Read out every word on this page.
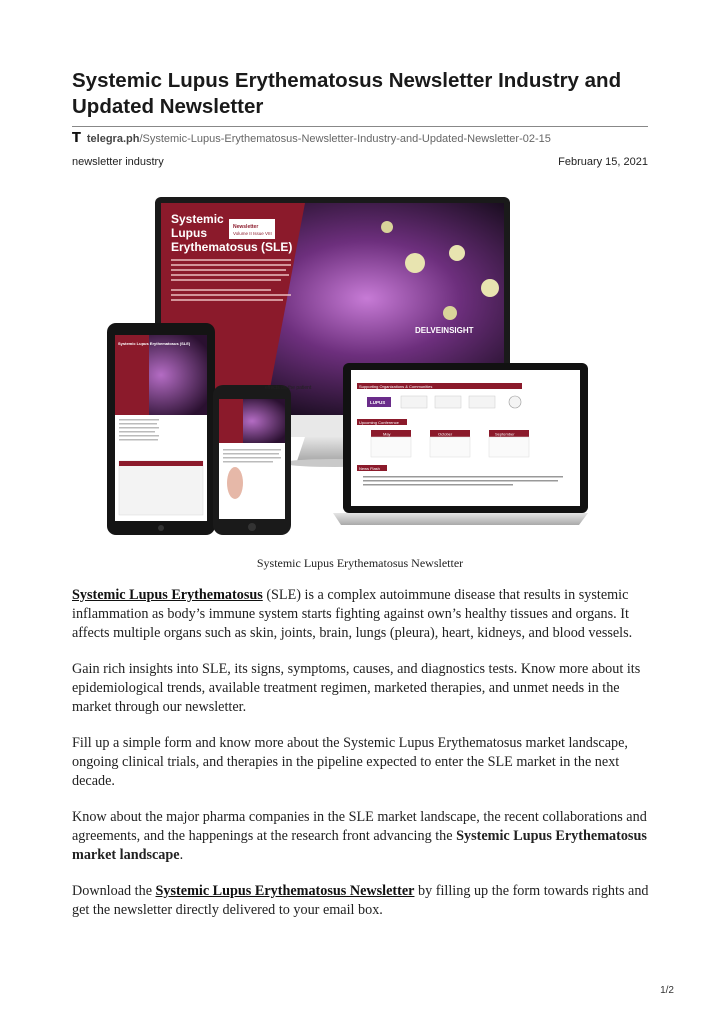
Systemic Lupus Erythematosus Newsletter Industry and Updated Newsletter
T telegra.ph /Systemic-Lupus-Erythematosus-Newsletter-Industry-and-Updated-Newsletter-02-15
newsletter industry	February 15, 2021
Systemic
Lupus
Erythematosus (SLE)
Newsletter
Volume II Issue VIII
DELVEINSIGHT
Supporting Organizations & Communities
LUPUS
Upcoming Conference
May	October	September
News Flash
Systemic Lupus Erythematosus (SLE)
effects on the patient
Systemic Lupus Erythematosus Newsletter

Systemic Lupus Erythematosus (SLE) is a complex autoimmune disease that results in systemic inflammation as body’s immune system starts fighting against own’s healthy tissues and organs. It affects multiple organs such as skin, joints, brain, lungs (pleura), heart, kidneys, and blood vessels.

Gain rich insights into SLE, its signs, symptoms, causes, and diagnostics tests. Know more about its epidemiological trends, available treatment regimen, marketed therapies, and unmet needs in the market through our newsletter.

Fill up a simple form and know more about the Systemic Lupus Erythematosus market landscape, ongoing clinical trials, and therapies in the pipeline expected to enter the SLE market in the next decade.

Know about the major pharma companies in the SLE market landscape, the recent collaborations and agreements, and the happenings at the research front advancing the Systemic Lupus Erythematosus market landscape.

Download the Systemic Lupus Erythematosus Newsletter by filling up the form towards rights and get the newsletter directly delivered to your email box.

1/2
